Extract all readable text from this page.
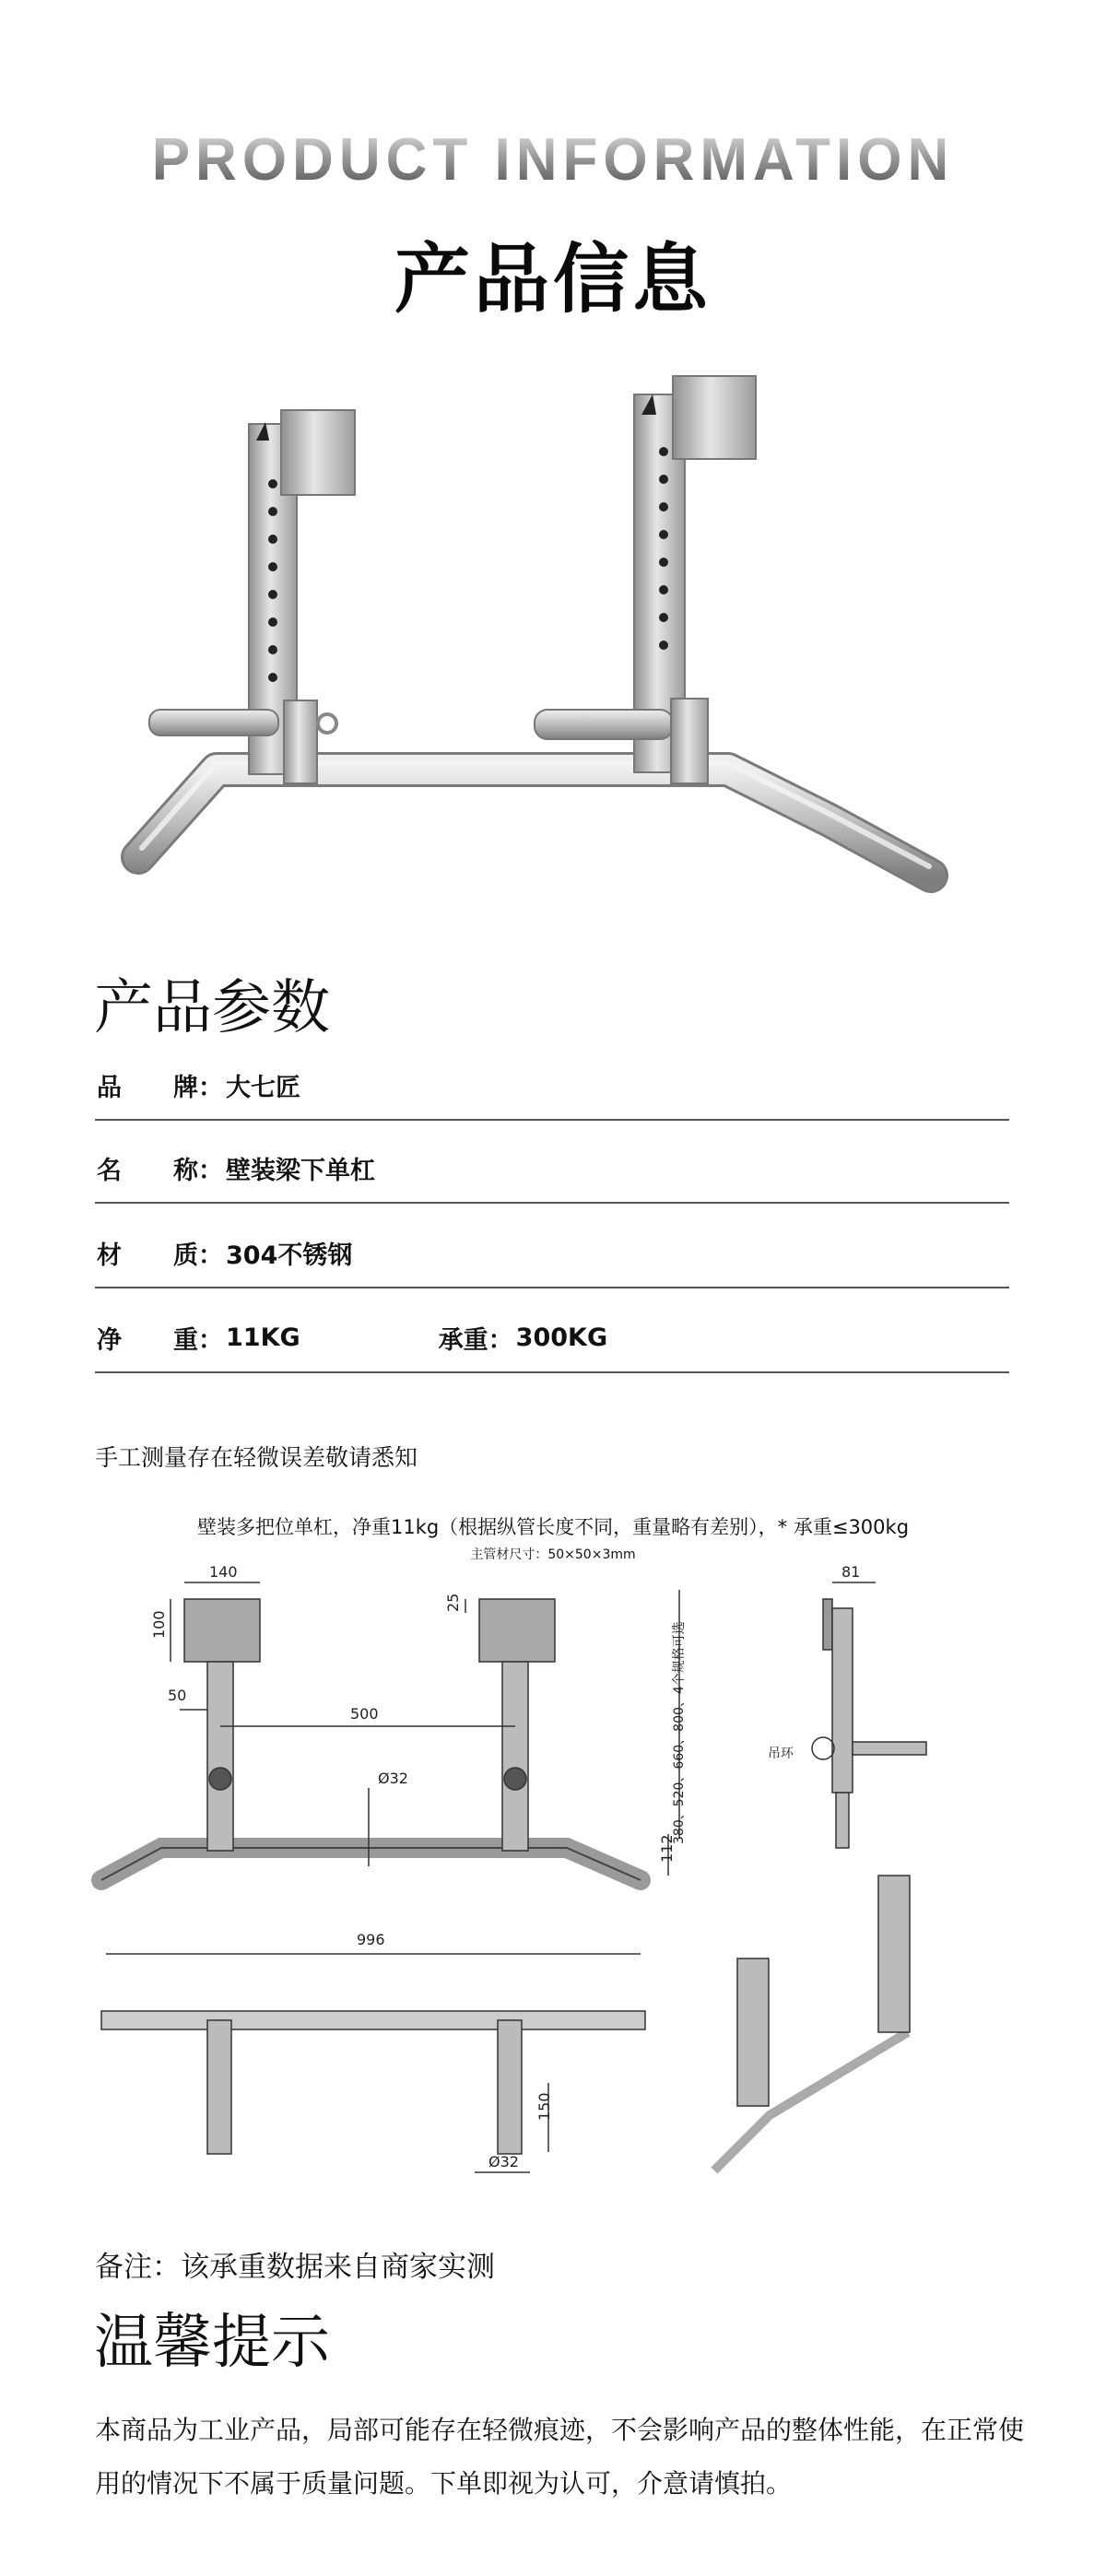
PRODUCT INFORMATION
产品信息
产品参数
品 牌 ： 大七匠
名 称 ： 壁装梁下单杠
材 质 ： 304不锈钢
净 重 ： 11KG	承重 ： 300KG
手工测量存在轻微误差敬请悉知
壁装多把位单杠，净重11kg（根据纵管长度不同，重量略有差别），* 承重≤300kg
主管材尺寸：50×50×3mm
140
100
25
50
500
Ø32
112
380、520、660、800、4个规格可选
81
吊环
996
150
Ø32
备注：该承重数据来自商家实测
温馨提示
本商品为工业产品，局部可能存在轻微痕迹，不会影响产品的整体性能，在正常使用的情况下不属于质量问题。下单即视为认可，介意请慎拍。
